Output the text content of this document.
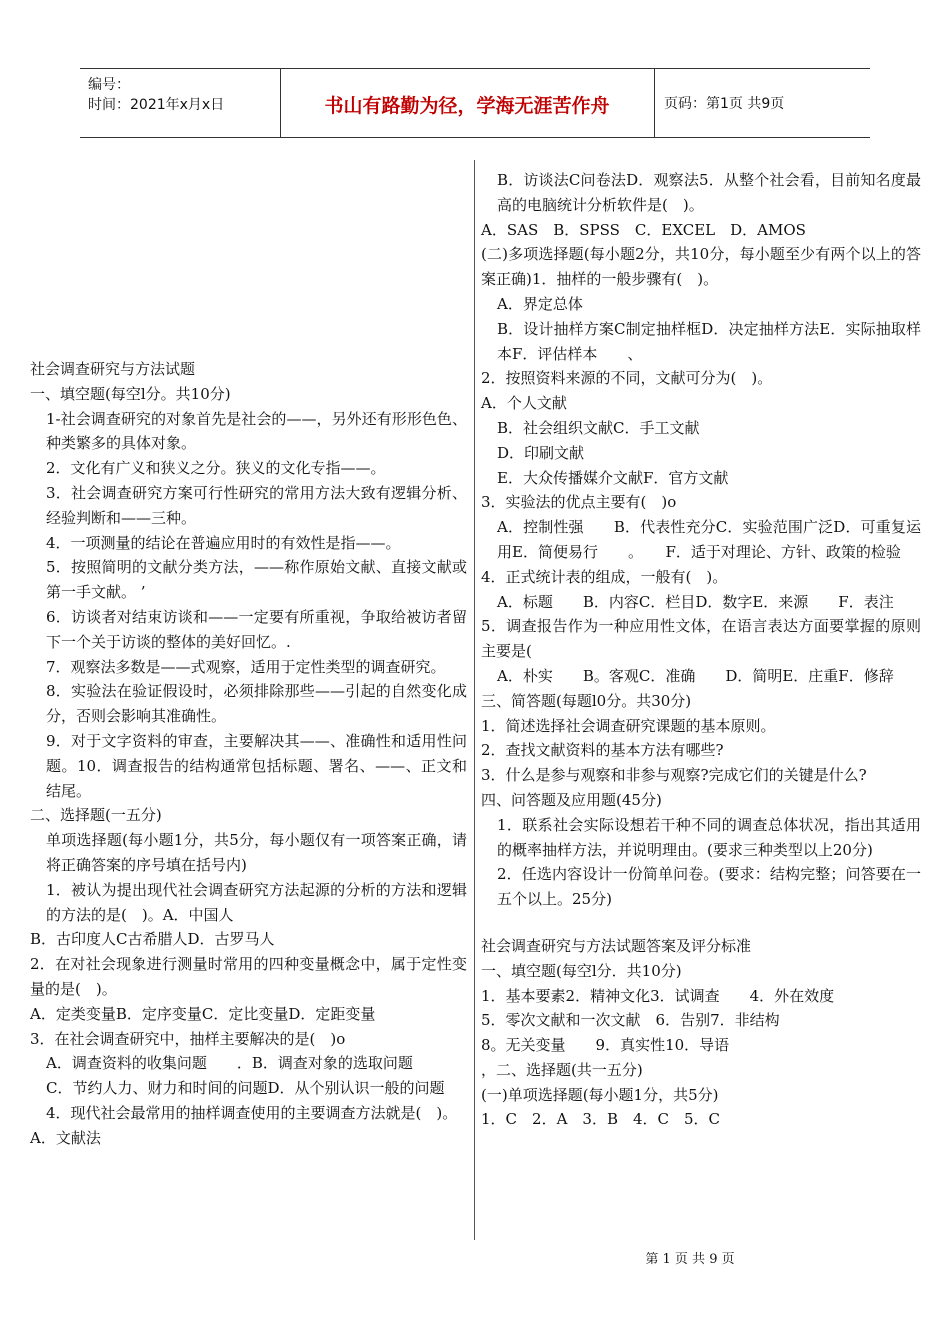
编号：
时间：2021年x月x日	书山有路勤为径，学海无涯苦作舟	页码：第1页 共9页

社会调查研究与方法试题

一、填空题(每空l分。共10分)

1-社会调查研究的对象首先是社会的——，另外还有形形色色、种类繁多的具体对象。

2．文化有广义和狭义之分。狭义的文化专指——。

3．社会调查研究方案可行性研究的常用方法大致有逻辑分析、经验判断和——三种。

4．一项测量的结论在普遍应用时的有效性是指——。

5．按照简明的文献分类方法，——称作原始文献、直接文献或第一手文献。 ’

6．访谈者对结束访谈和——一定要有所重视，争取给被访者留下一个关于访谈的整体的美好回忆。.

7．观察法多数是——式观察，适用于定性类型的调查研究。

8．实验法在验证假设时，必须排除那些——引起的自然变化成分，否则会影响其准确性。

9．对于文字资料的审查，主要解决其——、准确性和适用性问题。10．调查报告的结构通常包括标题、署名、——、正文和结尾。

二、选择题(一五分)

单项选择题(每小题1分，共5分，每小题仅有一项答案正确，请将正确答案的序号填在括号内)

1．被认为提出现代社会调查研究方法起源的分析的方法和逻辑的方法的是(　)。A．中国人

B．古印度人C古希腊人D．古罗马人

2．在对社会现象进行测量时常用的四种变量概念中，属于定性变量的是(　)。

A．定类变量B．定序变量C．定比变量D．定距变量

3．在社会调查研究中，抽样主要解决的是(　)o

A．调查资料的收集问题　　．B．调查对象的选取问题

C．节约人力、财力和时间的问题D．从个别认识一般的问题

4．现代社会最常用的抽样调查使用的主要调查方法就是(　)。

A．文献法

B．访谈法C问卷法D．观察法5．从整个社会看，目前知名度最高的电脑统计分析软件是(　)。

A．SAS　B．SPSS　C．EXCEL　D．AMOS

(二)多项选择题(每小题2分，共10分，每小题至少有两个以上的答案正确)1．抽样的一般步骤有(　)。

A．界定总体

B．设计抽样方案C制定抽样框D．决定抽样方法E．实际抽取样本F．评估样本　　、

2．按照资料来源的不同，文献可分为(　)。

A．个人文献

B．社会组织文献C．手工文献

D．印刷文献

E．大众传播媒介文献F．官方文献

3．实验法的优点主要有(　)o

A．控制性强　　B．代表性充分C．实验范围广泛D．可重复运用E．简便易行　　。　　F．适于对理论、方针、政策的检验

4．正式统计表的组成，一般有(　)。

A．标题　　B．内容C．栏目D．数字E．来源　　F．表注

5．调查报告作为一种应用性文体，在语言表达方面要掌握的原则主要是(

A．朴实　　B。客观C．准确　　D．简明E．庄重F．修辞

三、简答题(每题l0分。共30分)

1．简述选择社会调查研究课题的基本原则。

2．查找文献资料的基本方法有哪些?

3．什么是参与观察和非参与观察?完成它们的关键是什么?

四、问答题及应用题(45分)

1．联系社会实际设想若干种不同的调查总体状况，指出其适用的概率抽样方法，并说明理由。(要求三种类型以上20分)

2．任选内容设计一份简单问卷。(要求：结构完整；问答要在一五个以上。25分)

社会调查研究与方法试题答案及评分标准

一、填空题(每空l分．共10分)

1．基本要素2．精神文化3．试调查　　4．外在效度

5．零次文献和一次文献　6．告别7．非结构

8。无关变量　　9．真实性10．导语

，二、选择题(共一五分)

(一)单项选择题(每小题1分，共5分)

1．C　2．A　3．B　4．C　5．C

第 1 页 共 9 页
